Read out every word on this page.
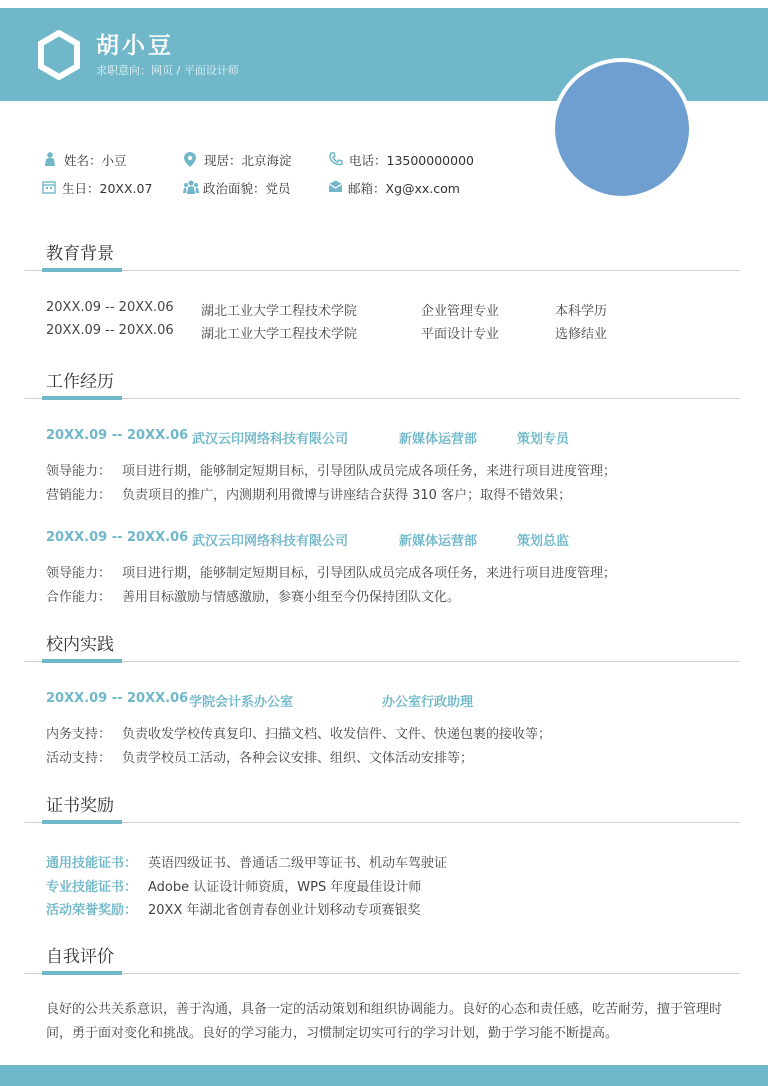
胡小豆
求职意向：网页 / 平面设计师
姓名：小豆	现居：北京海淀	电话：13500000000
生日：20XX.07	政治面貌：党员	邮箱：Xg@xx.com
教育背景
20XX.09 -- 20XX.06 湖北工业大学工程技术学院	企业管理专业	本科学历
20XX.09 -- 20XX.06 湖北工业大学工程技术学院	平面设计专业	选修结业
工作经历
20XX.09 -- 20XX.06 武汉云印网络科技有限公司	新媒体运营部	策划专员
领导能力： 项目进行期，能够制定短期目标，引导团队成员完成各项任务，来进行项目进度管理；
营销能力： 负责项目的推广，内测期利用微博与讲座结合获得 310 客户；取得不错效果；
20XX.09 -- 20XX.06 武汉云印网络科技有限公司	新媒体运营部	策划总监
领导能力： 项目进行期，能够制定短期目标，引导团队成员完成各项任务，来进行项目进度管理；
合作能力： 善用目标激励与情感激励，参赛小组至今仍保持团队文化。
校内实践
20XX.09 -- 20XX.06 学院会计系办公室	办公室行政助理
内务支持： 负责收发学校传真复印、扫描文档、收发信件、文件、快递包裹的接收等；
活动支持： 负责学校员工活动，各种会议安排、组织、文体活动安排等；
证书奖励
通用技能证书： 英语四级证书、普通话二级甲等证书、机动车驾驶证
专业技能证书： Adobe 认证设计师资质，WPS 年度最佳设计师
活动荣誉奖励： 20XX 年湖北省创青春创业计划移动专项赛银奖
自我评价
良好的公共关系意识，善于沟通，具备一定的活动策划和组织协调能力。良好的心态和责任感，吃苦耐劳，擅于管理时间，勇于面对变化和挑战。良好的学习能力，习惯制定切实可行的学习计划，勤于学习能不断提高。
